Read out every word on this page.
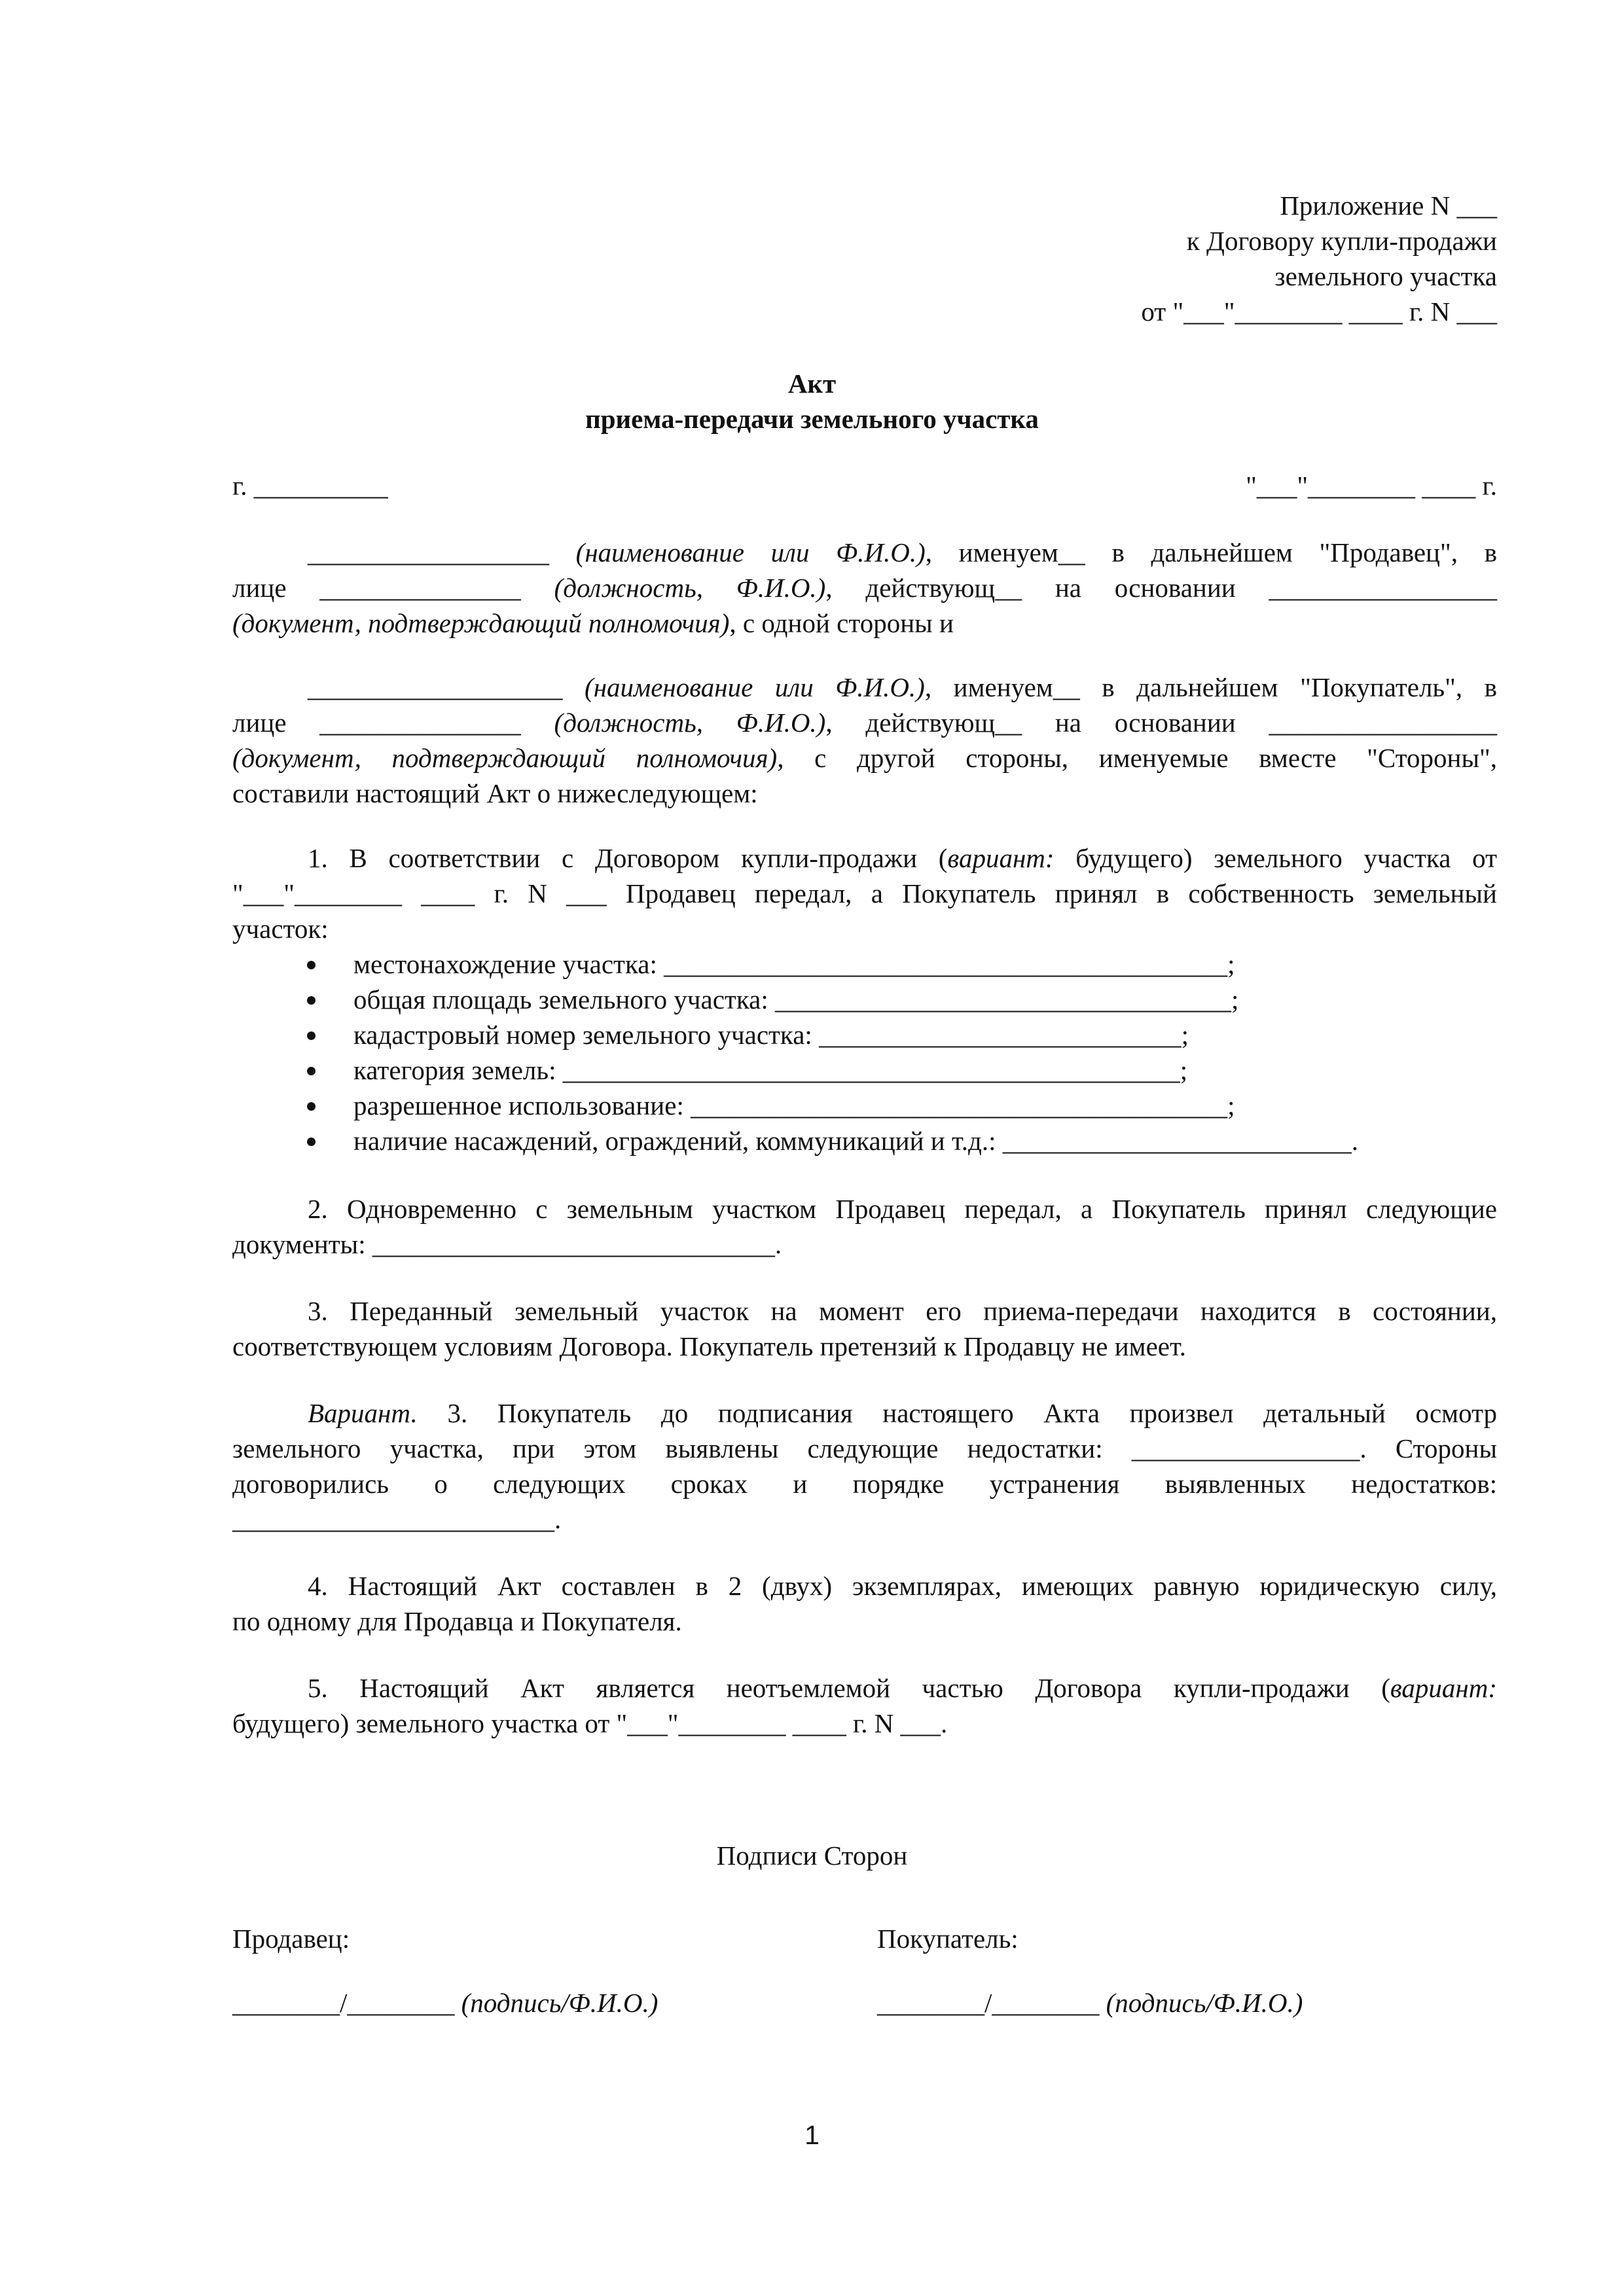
Приложение N ___
к Договору купли-продажи
земельного участка
от "___"________ ____ г. N ___
Акт
приема-передачи земельного участка
г. __________	"___"________ ____ г.
__________________ (наименование или Ф.И.О.), именуем__ в дальнейшем "Продавец", в
лице _______________ (должность, Ф.И.О.), действующ__ на основании _________________
(документ, подтверждающий полномочия), с одной стороны и
___________________ (наименование или Ф.И.О.), именуем__ в дальнейшем "Покупатель", в
лице _______________ (должность, Ф.И.О.), действующ__ на основании _________________
(документ, подтверждающий полномочия), с другой стороны, именуемые вместе "Стороны",
составили настоящий Акт о нижеследующем:
1. В соответствии с Договором купли-продажи (вариант: будущего) земельного участка от
"___"________ ____ г. N ___ Продавец передал, а Покупатель принял в собственность земельный
участок:
местонахождение участка: __________________________________________;
общая площадь земельного участка: __________________________________;
кадастровый номер земельного участка: ___________________________;
категория земель: ______________________________________________;
разрешенное использование: ________________________________________;
наличие насаждений, ограждений, коммуникаций и т.д.: __________________________.
2. Одновременно с земельным участком Продавец передал, а Покупатель принял следующие
документы: ______________________________.
3. Переданный земельный участок на момент его приема-передачи находится в состоянии,
соответствующем условиям Договора. Покупатель претензий к Продавцу не имеет.
Вариант. 3. Покупатель до подписания настоящего Акта произвел детальный осмотр
земельного участка, при этом выявлены следующие недостатки: _________________. Стороны
договорились о следующих сроках и порядке устранения выявленных недостатков:
________________________.
4. Настоящий Акт составлен в 2 (двух) экземплярах, имеющих равную юридическую силу,
по одному для Продавца и Покупателя.
5. Настоящий Акт является неотъемлемой частью Договора купли-продажи (вариант:
будущего) земельного участка от "___"________ ____ г. N ___.
Подписи Сторон
Продавец:	Покупатель:
________/________ (подпись/Ф.И.О.)	________/________ (подпись/Ф.И.О.)
1
